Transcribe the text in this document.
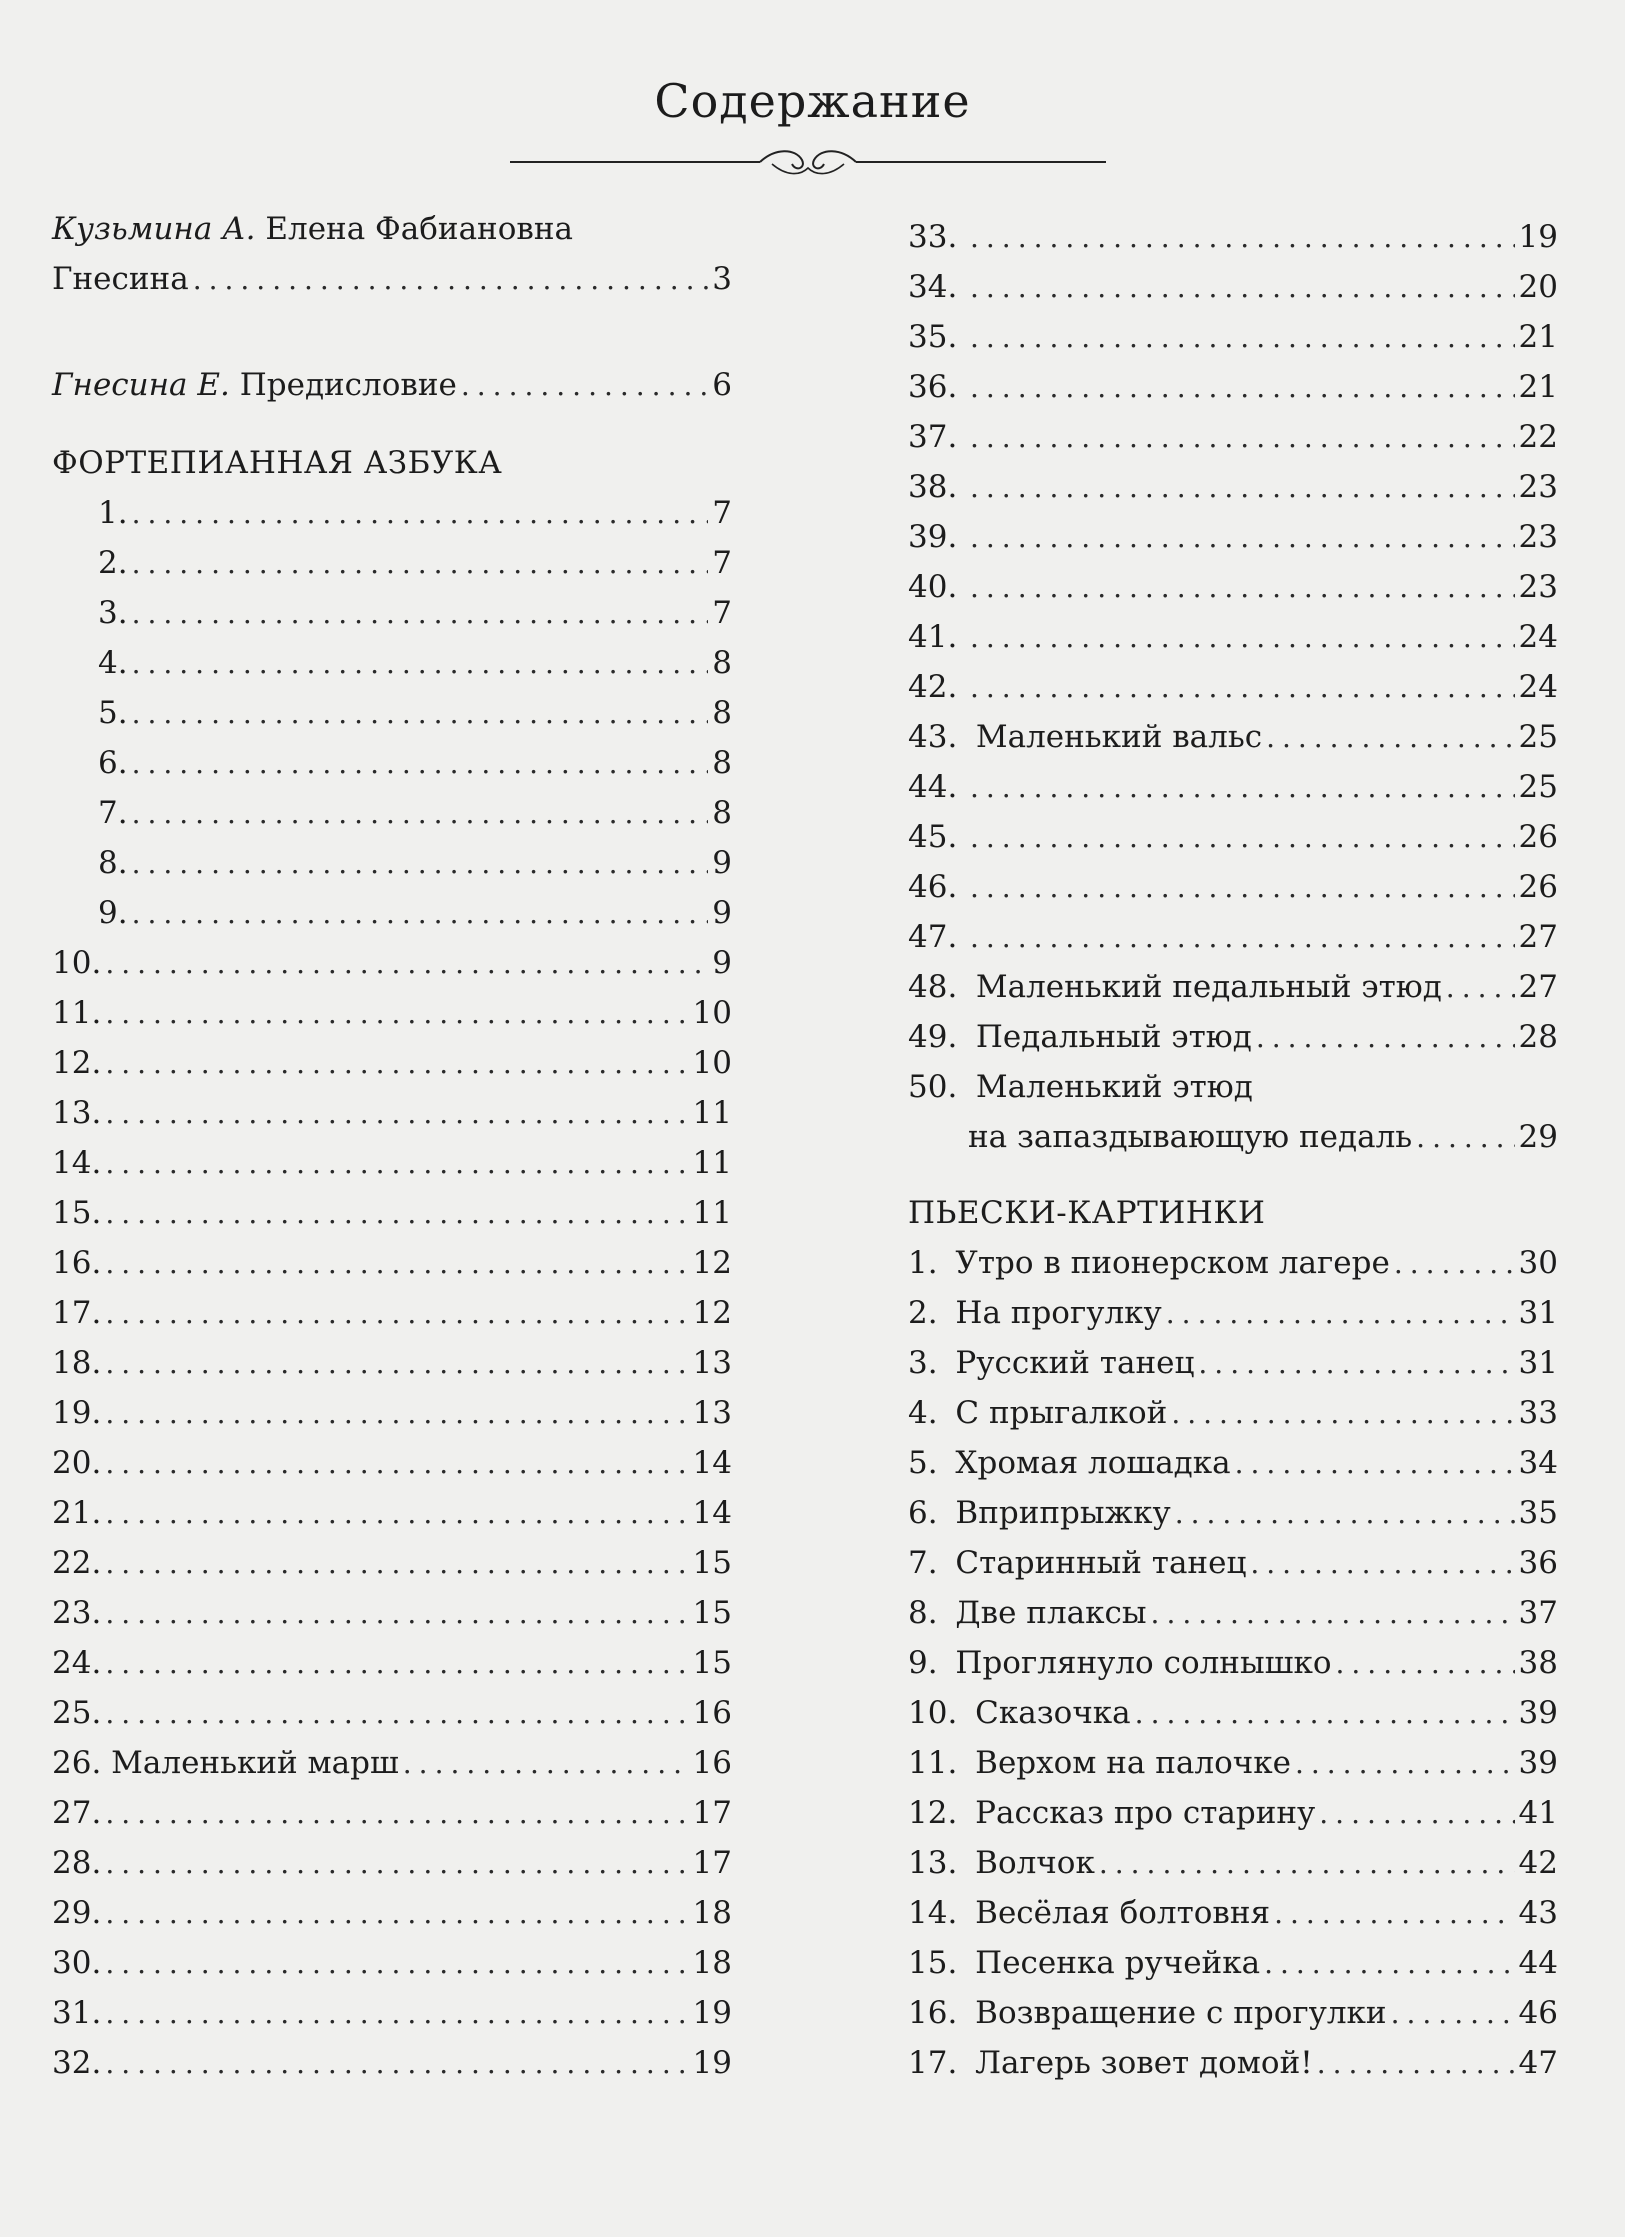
Содержание
Кузьмина А. Елена Фабиановна
Гнесина .....	3
Гнесина Е. Предисловие .....	6
ФОРТЕПИАННАЯ АЗБУКА
1. .....	7
2. .....	7
3. .....	7
4. .....	8
5. .....	8
6. .....	8
7. .....	8
8. .....	9
9. .....	9
10. .....	9
11. .....	10
12. .....	10
13. .....	11
14. .....	11
15. .....	11
16. .....	12
17. .....	12
18. .....	13
19. .....	13
20. .....	14
21. .....	14
22. .....	15
23. .....	15
24. .....	15
25. .....	16
26. Маленький марш .....	16
27. .....	17
28. .....	17
29. .....	18
30. .....	18
31. .....	19
32. .....	19
33. .....	19
34. .....	20
35. .....	21
36. .....	21
37. .....	22
38. .....	23
39. .....	23
40. .....	23
41. .....	24
42. .....	24
43. Маленький вальс .....	25
44. .....	25
45. .....	26
46. .....	26
47. .....	27
48. Маленький педальный этюд ..... 27
49. Педальный этюд .....	28
50. Маленький этюд
на запаздывающую педаль .....	29
ПЬЕСКИ-КАРТИНКИ
1. Утро в пионерском лагере .....	30
2. На прогулку .....	31
3. Русский танец .....	31
4. С прыгалкой .....	33
5. Хромая лошадка .....	34
6. Вприпрыжку .....	35
7. Старинный танец .....	36
8. Две плаксы .....	37
9. Проглянуло солнышко .....	38
10. Сказочка .....	39
11. Верхом на палочке .....	39
12. Рассказ про старину .....	41
13. Волчок .....	42
14. Весёлая болтовня .....	43
15. Песенка ручейка .....	44
16. Возвращение с прогулки .....	46
17. Лагерь зовет домой! .....	47
